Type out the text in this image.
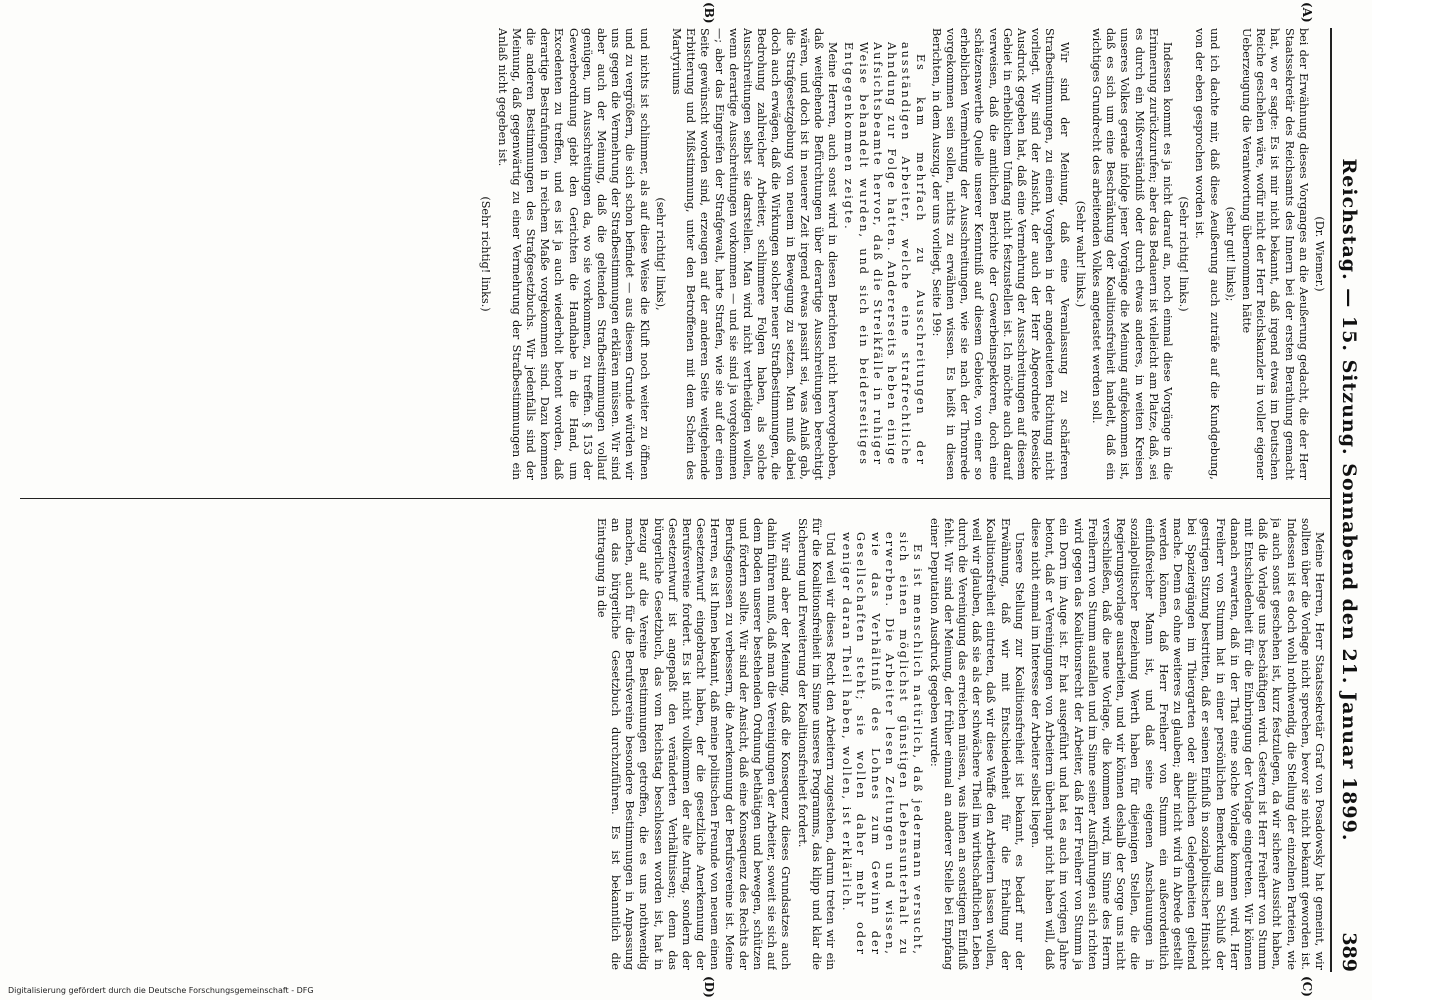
Reichstag. — 15. Sitzung. Sonnabend den 21. Januar 1899.
389
(A)
(B)
(C)
(D)

(Dr. Wiemer.)

bei der Erwähnung dieses Vorganges an die Aeußerung gedacht, die der Herr Staatssekretär des Reichsamts des Innern bei der ersten Berathung gemacht hat, wo er sagte: Es ist mir nicht bekannt, daß irgend etwas im Deutschen Reiche geschehen wäre, wofür nicht der Herr Reichskanzler in voller eigener Ueberzeugung die Verantwortung übernommen hätte

(sehr gut! links);

und ich dachte mir, daß diese Aeußerung auch zuträfe auf die Kundgebung, von der eben gesprochen worden ist.

(Sehr richtig! links.)

Indessen kommt es ja nicht darauf an, noch einmal diese Vorgänge in die Erinnerung zurückzurufen; aber das Bedauern ist vielleicht am Platze, daß, sei es durch ein Mißverständniß oder durch etwas anderes, in weiten Kreisen unseres Volkes gerade infolge jener Vorgänge die Meinung aufgekommen ist, daß es sich um eine Beschränkung der Koalitionsfreiheit handelt, daß ein wichtiges Grundrecht des arbeitenden Volkes angetastet werden soll.

(Sehr wahr! links.)

Wir sind der Meinung, daß eine Veranlassung zu schärferen Strafbestimmungen, zu einem Vorgehen in der angedeuteten Richtung nicht vorliegt. Wir sind der Ansicht, der auch der Herr Abgeordnete Roesicke Ausdruck gegeben hat, daß eine Vermehrung der Ausschreitungen auf diesem Gebiet in erheblichem Umfang nicht festzustellen ist. Ich möchte auch darauf verweisen, daß die amtlichen Berichte der Gewerbeinspektoren, doch eine schätzenswerthe Quelle unserer Kenntniß auf diesem Gebiete, von einer so erheblichen Vermehrung der Ausschreitungen, wie sie nach der Thronrede vorgekommen sein sollen, nichts zu erwähnen wissen. Es heißt in diesen Berichten, in dem Auszug, der uns vorliegt, Seite 199:

Es kam mehrfach zu Ausschreitungen der ausständigen Arbeiter, welche eine strafrechtliche Ahndung zur Folge hatten. Andererseits heben einige Aufsichtsbeamte hervor, daß die Streikfälle in ruhiger Weise behandelt wurden, und sich ein beiderseitiges Entgegenkommen zeigte.

Meine Herren, auch sonst wird in diesen Berichten nicht hervorgehoben, daß weitgehende Befürchtungen über derartige Ausschreitungen berechtigt wären, und doch ist in neuerer Zeit irgend etwas passirt sei, was Anlaß gab, die Strafgesetzgebung von neuem in Bewegung zu setzen. Man muß dabei doch auch erwägen, daß die Wirkungen solcher neuer Strafbestimmungen, die Bedrohung zahlreicher Arbeiter, schlimmere Folgen haben, als solche Ausschreitungen selbst sie darstellen. Man wird nicht vertheidigen wollen, wenn derartige Ausschreitungen vorkommen — und sie sind ja vorgekommen —; aber das Eingreifen der Strafgewalt, harte Strafen, wie sie auf der einen Seite gewünscht worden sind, erzeugen auf der anderen Seite weitgehende Erbitterung und Mißstimmung, unter den Betroffenen mit dem Schein des Martyriums

(sehr richtig! links),

und nichts ist schlimmer, als auf diese Weise die Kluft noch weiter zu öffnen und zu vergrößern, die sich schon befindet — aus diesem Grunde würden wir uns gegen die Vermehrung der Strafbestimmungen erklären müssen. Wir sind aber auch der Meinung, daß die geltenden Strafbestimmungen vollauf genügen, um Ausschreitungen da, wo sie vorkommen, zu treffen. § 153 der Gewerbeordnung giebt den Gerichten die Handhabe in die Hand, um Excedenten zu treffen, und es ist ja auch wiederholt betont worden, daß derartige Bestrafungen in reichem Maße vorgekommen sind. Dazu kommen die anderen Bestimmungen des Strafgesetzbuchs. Wir jedenfalls sind der Meinung, daß gegenwärtig zu einer Vermehrung der Strafbestimmungen ein Anlaß nicht gegeben ist.

(Sehr richtig! links.)

Meine Herren, Herr Staatssekretär Graf von Posadowsky hat gemeint, wir sollten über die Vorlage nicht sprechen, bevor sie nicht bekannt geworden ist. Indessen ist es doch wohl nothwendig, die Stellung der einzelnen Parteien, wie ja auch sonst geschehen ist, kurz festzulegen, da wir sichere Aussicht haben, daß die Vorlage uns beschäftigen wird. Gestern ist Herr Freiherr von Stumm mit Entschiedenheit für die Einbringung der Vorlage eingetreten. Wir können danach erwarten, daß in der That eine solche Vorlage kommen wird. Herr Freiherr von Stumm hat in einer persönlichen Bemerkung am Schluß der gestrigen Sitzung bestritten, daß er seinen Einfluß in sozialpolitischer Hinsicht bei Spaziergängen im Thiergarten oder ähnlichen Gelegenheiten geltend mache. Denn es ohne weiteres zu glauben; aber nicht wird in Abrede gestellt werden können, daß Herr Freiherr von Stumm ein außerordentlich einflußreicher Mann ist, und daß seine eigenen Anschauungen in sozialpolitischer Beziehung Werth haben für diejenigen Stellen, die die Regierungsvorlage ausarbeiten, und wir können deshalb der Sorge uns nicht verschließen, daß die neue Vorlage, die kommen wird, im Sinne des Herrn Freiherrn von Stumm ausfallen und im Sinne seiner Ausführungen sich richten wird gegen das Koalitionsrecht der Arbeiter, daß Herr Freiherr von Stumm ja ein Dorn im Auge ist. Er hat ausgeführt und hat es auch im vorigen Jahre betont, daß er Vereinigungen von Arbeitern überhaupt nicht haben will, daß diese nicht einmal im Interesse der Arbeiter selbst liegen.

Unsere Stellung zur Koalitionsfreiheit ist bekannt, es bedarf nur der Erwähnung, daß wir mit Entschiedenheit für die Erhaltung der Koalitionsfreiheit eintreten, daß wir diese Waffe den Arbeitern lassen wollen, weil wir glauben, daß sie als der schwächere Theil im wirthschaftlichen Leben durch die Vereinigung das erreichen müssen, was ihnen an sonstigem Einfluß fehlt. Wir sind der Meinung, der früher einmal an anderer Stelle bei Empfang einer Deputation Ausdruck gegeben wurde:

Es ist menschlich natürlich, daß jedermann versucht, sich einen möglichst günstigen Lebensunterhalt zu erwerben. Die Arbeiter lesen Zeitungen und wissen, wie das Verhältniß des Lohnes zum Gewinn der Gesellschaften steht; sie wollen daher mehr oder weniger daran Theil haben, wollen, ist erklärlich.

Und weil wir dieses Recht den Arbeitern zugestehen, darum treten wir ein für die Koalitionsfreiheit im Sinne unseres Programms, das klipp und klar die Sicherung und Erweiterung der Koalitionsfreiheit fordert.

Wir sind aber der Meinung, daß die Konsequenz dieses Grundsatzes auch dahin führen muß, daß man die Vereinigungen der Arbeiter, soweit sie sich auf dem Boden unserer bestehenden Ordnung bethätigen und bewegen, schützen und fördern sollte. Wir sind der Ansicht, daß eine Konsequenz des Rechts der Berufsgenossen zu verbessern, die Anerkennung der Berufsvereine ist. Meine Herren, es ist Ihnen bekannt, daß meine politischen Freunde von neuem einen Gesetzentwurf eingebracht haben, der die gesetzliche Anerkennung der Berufsvereine fordert. Es ist nicht vollkommen der alte Antrag, sondern der Gesetzentwurf ist angepaßt den veränderten Verhältnissen; denn das bürgerliche Gesetzbuch, das vom Reichstag beschlossen worden ist, hat in Bezug auf die Vereine Bestimmungen getroffen, die es uns nothwendig machen, auch für die Berufsvereine besondere Bestimmungen in Anpassung an das bürgerliche Gesetzbuch durchzuführen. Es ist bekanntlich die Eintragung in die

Digitalisierung gefördert durch die Deutsche Forschungsgemeinschaft - DFG
